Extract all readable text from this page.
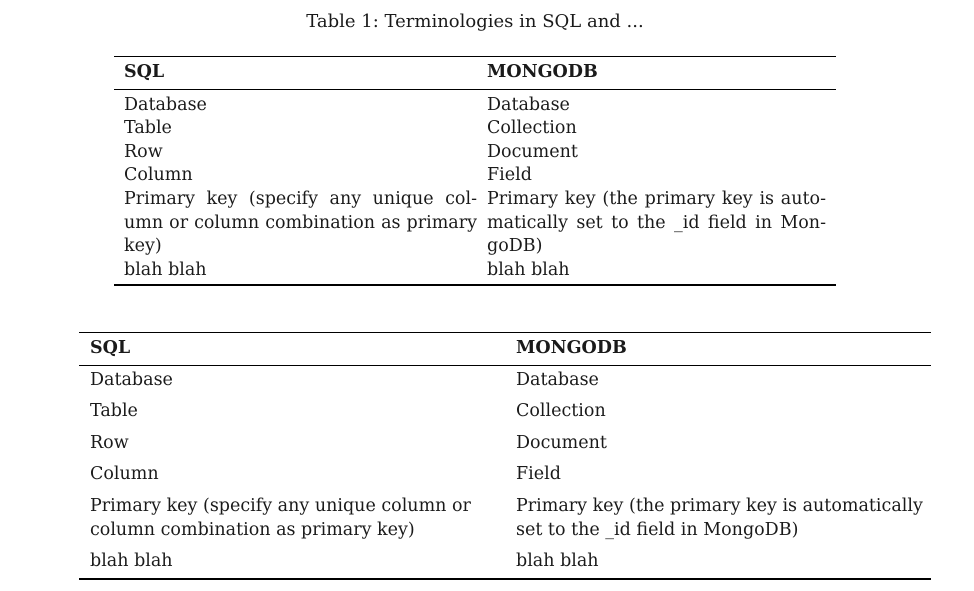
Table 1: Terminologies in SQL and ...
SQL	MONGODB
Database	Database
Table	Collection
Row	Document
Column	Field
Primary key (specify any unique column or column combination as primary key)	Primary key (the primary key is automatically set to the _id field in MongoDB)
blah blah	blah blah
SQL	MONGODB
Database	Database
Table	Collection
Row	Document
Column	Field
Primary key (specify any unique column or column combination as primary key)	Primary key (the primary key is automatically set to the _id field in MongoDB)
blah blah	blah blah
